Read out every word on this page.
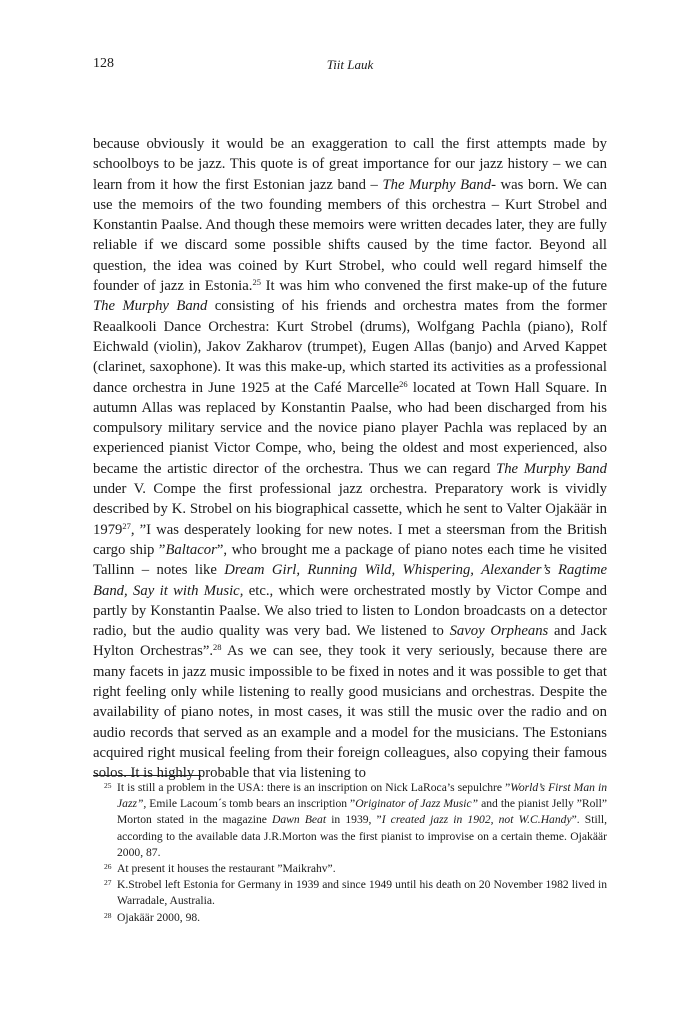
128	Tiit Lauk

because obviously it would be an exaggeration to call the first attempts made by schoolboys to be jazz. This quote is of great importance for our jazz history – we can learn from it how the first Estonian jazz band – The Murphy Band- was born. We can use the memoirs of the two founding members of this orchestra – Kurt Strobel and Konstantin Paalse. And though these memoirs were written decades later, they are fully reliable if we discard some possible shifts caused by the time factor. Beyond all question, the idea was coined by Kurt Strobel, who could well regard himself the founder of jazz in Estonia.$^{25}$ It was him who convened the first make-up of the future The Murphy Band consisting of his friends and orchestra mates from the former Reaalkooli Dance Orchestra: Kurt Strobel (drums), Wolfgang Pachla (piano), Rolf Eichwald (violin), Jakov Zakharov (trumpet), Eugen Allas (banjo) and Arved Kappet (clarinet, saxophone). It was this make-up, which started its activities as a professional dance orchestra in June 1925 at the Café Marcelle$^{26}$ located at Town Hall Square. In autumn Allas was replaced by Konstantin Paalse, who had been discharged from his compulsory military service and the novice piano player Pachla was replaced by an experienced pianist Victor Compe, who, being the oldest and most experienced, also became the artistic director of the orchestra. Thus we can regard The Murphy Band under V. Compe the first professional jazz orchestra. Preparatory work is vividly described by K. Strobel on his biographical cassette, which he sent to Valter Ojakäär in 1979$^{27}$, ”I was desperately looking for new notes. I met a steersman from the British cargo ship ”Baltacor”, who brought me a package of piano notes each time he visited Tallinn – notes like Dream Girl, Running Wild, Whispering, Alexander’s Ragtime Band, Say it with Music, etc., which were orchestrated mostly by Victor Compe and partly by Konstantin Paalse. We also tried to listen to London broadcasts on a detector radio, but the audio quality was very bad. We listened to Savoy Orpheans and Jack Hylton Orchestras”.$^{28}$ As we can see, they took it very seriously, because there are many facets in jazz music impossible to be fixed in notes and it was possible to get that right feeling only while listening to really good musicians and orchestras. Despite the availability of piano notes, in most cases, it was still the music over the radio and on audio records that served as an example and a model for the musicians. The Estonians acquired right musical feeling from their foreign colleagues, also copying their famous solos. It is highly probable that via listening to

25 It is still a problem in the USA: there is an inscription on Nick LaRoca’s sepulchre ”World’s First Man in Jazz”, Emile Lacoum´s tomb bears an inscription ”Originator of Jazz Music” and the pianist Jelly ”Roll” Morton stated in the magazine Dawn Beat in 1939, ”I created jazz in 1902, not W.C.Handy”. Still, according to the available data J.R.Morton was the first pianist to improvise on a certain theme. Ojakäär 2000, 87.

26 At present it houses the restaurant ”Maikrahv”.

27 K.Strobel left Estonia for Germany in 1939 and since 1949 until his death on 20 November 1982 lived in Warradale, Australia.

28 Ojakäär 2000, 98.
